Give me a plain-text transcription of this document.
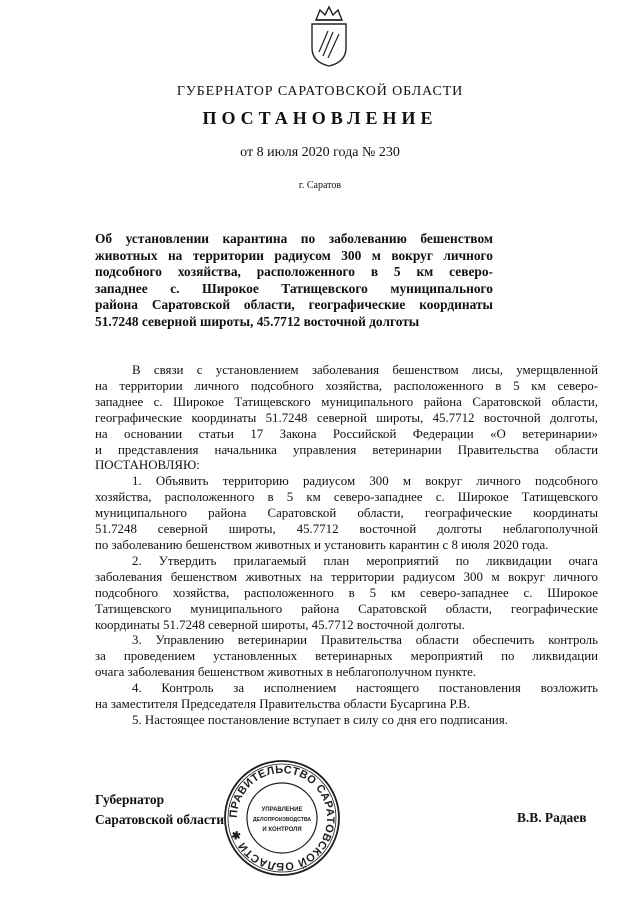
ГУБЕРНАТОР САРАТОВСКОЙ ОБЛАСТИ
ПОСТАНОВЛЕНИЕ
от 8 июля 2020 года № 230
г. Саратов
Об установлении карантина по заболеванию бешенством
животных на территории радиусом 300 м вокруг личного
подсобного хозяйства, расположенного в 5 км северо-
западнее с. Широкое Татищевского муниципального
района Саратовской области, географические координаты
51.7248 северной широты, 45.7712 восточной долготы
В связи с установлением заболевания бешенством лисы, умерщвленной
на территории личного подсобного хозяйства, расположенного в 5 км северо-
западнее с. Широкое Татищевского муниципального района Саратовской области,
географические координаты 51.7248 северной широты, 45.7712 восточной долготы,
на основании статьи 17 Закона Российской Федерации «О ветеринарии»
и представления начальника управления ветеринарии Правительства области
ПОСТАНОВЛЯЮ:
1. Объявить территорию радиусом 300 м вокруг личного подсобного
хозяйства, расположенного в 5 км северо-западнее с. Широкое Татищевского
муниципального района Саратовской области, географические координаты
51.7248 северной широты, 45.7712 восточной долготы неблагополучной
по заболеванию бешенством животных и установить карантин с 8 июля 2020 года.
2. Утвердить прилагаемый план мероприятий по ликвидации очага
заболевания бешенством животных на территории радиусом 300 м вокруг личного
подсобного хозяйства, расположенного в 5 км северо-западнее с. Широкое
Татищевского муниципального района Саратовской области, географические
координаты 51.7248 северной широты, 45.7712 восточной долготы.
3. Управлению ветеринарии Правительства области обеспечить контроль
за проведением установленных ветеринарных мероприятий по ликвидации
очага заболевания бешенством животных в неблагополучном пункте.
4. Контроль за исполнением настоящего постановления возложить
на заместителя Председателя Правительства области Бусаргина Р.В.
5. Настоящее постановление вступает в силу со дня его подписания.
Губернатор
Саратовской области	В.В. Радаев
ПРАВИТЕЛЬСТВО САРАТОВСКОЙ ОБЛАСТИ ✱
УПРАВЛЕНИЕ
ДЕЛОПРОИЗВОДСТВА
И КОНТРОЛЯ
